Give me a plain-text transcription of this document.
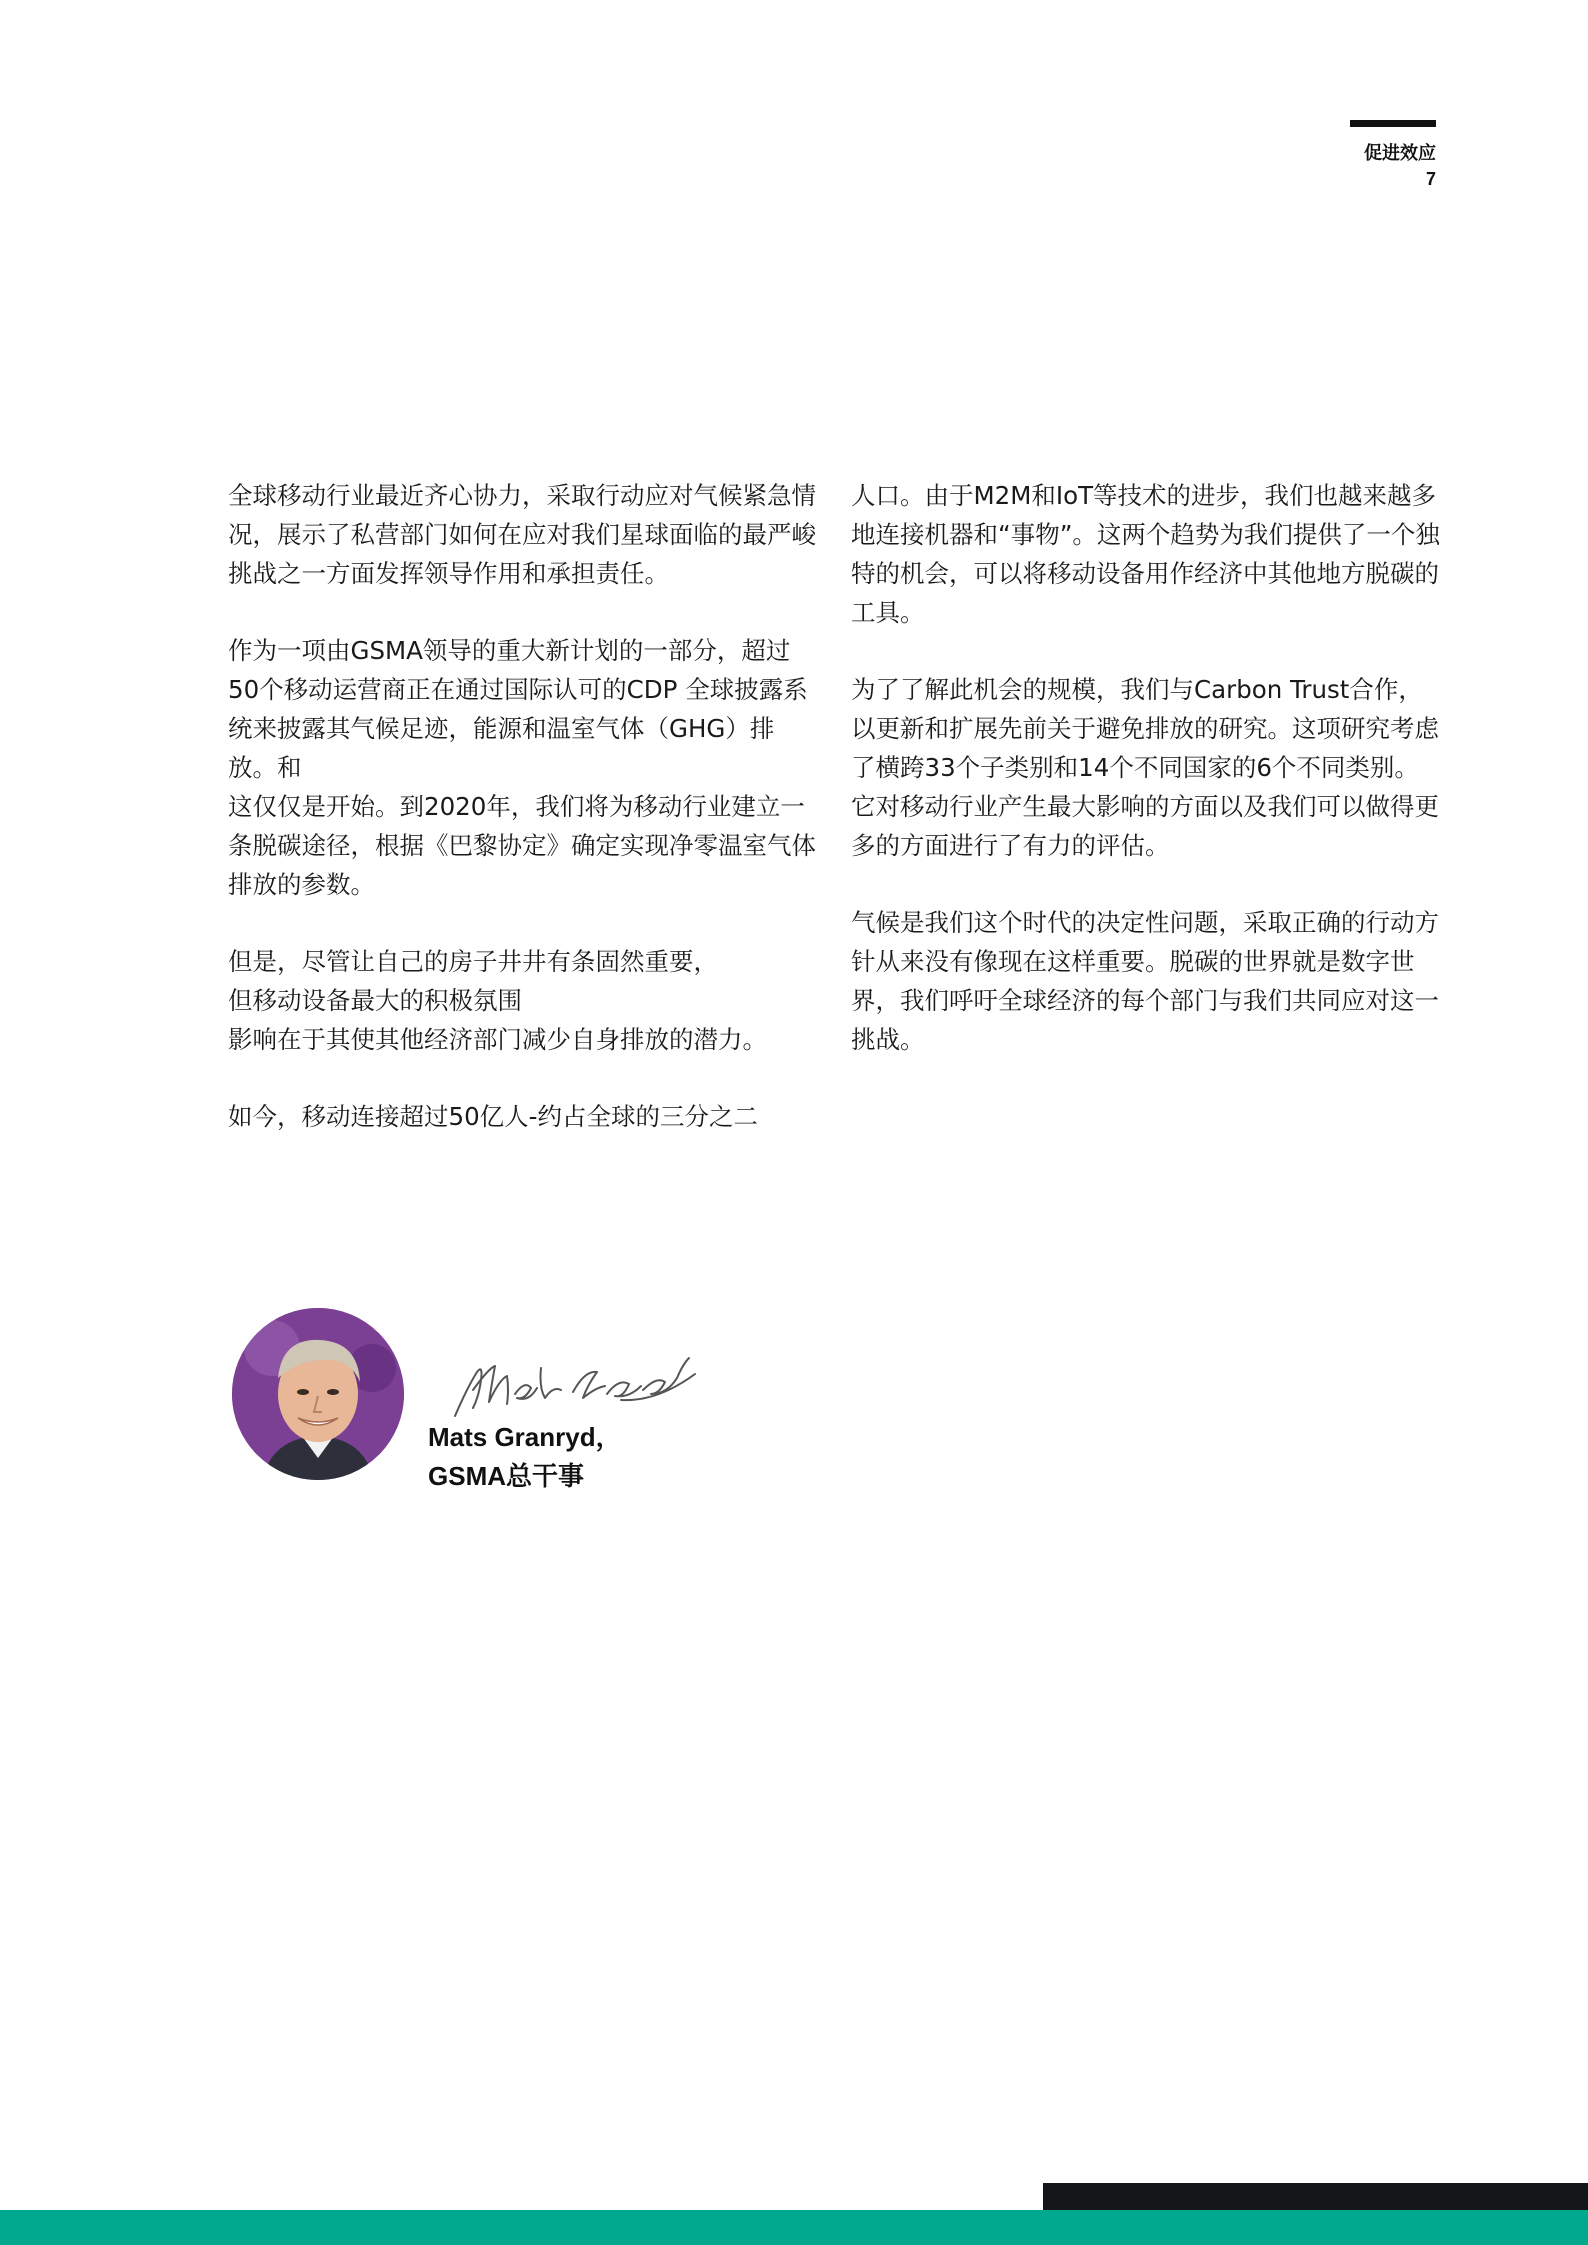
促进效应
7

全球移动行业最近齐心协力，采取行动应对气候紧急情况，展示了私营部门如何在应对我们星球面临的最严峻挑战之一方面发挥领导作用和承担责任。

作为一项由GSMA领导的重大新计划的一部分，超过50个移动运营商正在通过国际认可的CDP 全球披露系统来披露其气候足迹，能源和温室气体（GHG）排放。和

这仅仅是开始。到2020年，我们将为移动行业建立一条脱碳途径，根据《巴黎协定》确定实现净零温室气体排放的参数。

但是，尽管让自己的房子井井有条固然重要，

但移动设备最大的积极氛围

影响在于其使其他经济部门减少自身排放的潜力。

如今，移动连接超过50亿人-约占全球的三分之二

人口。由于M2M和IoT等技术的进步，我们也越来越多地连接机器和“事物”。这两个趋势为我们提供了一个独特的机会，可以将移动设备用作经济中其他地方脱碳的工具。

为了了解此机会的规模，我们与Carbon Trust合作，以更新和扩展先前关于避免排放的研究。这项研究考虑了横跨33个子类别和14个不同国家的6个不同类别。它对移动行业产生最大影响的方面以及我们可以做得更多的方面进行了有力的评估。

气候是我们这个时代的决定性问题，采取正确的行动方针从来没有像现在这样重要。脱碳的世界就是数字世界，我们呼吁全球经济的每个部门与我们共同应对这一挑战。

Mats Granryd，
GSMA总干事
